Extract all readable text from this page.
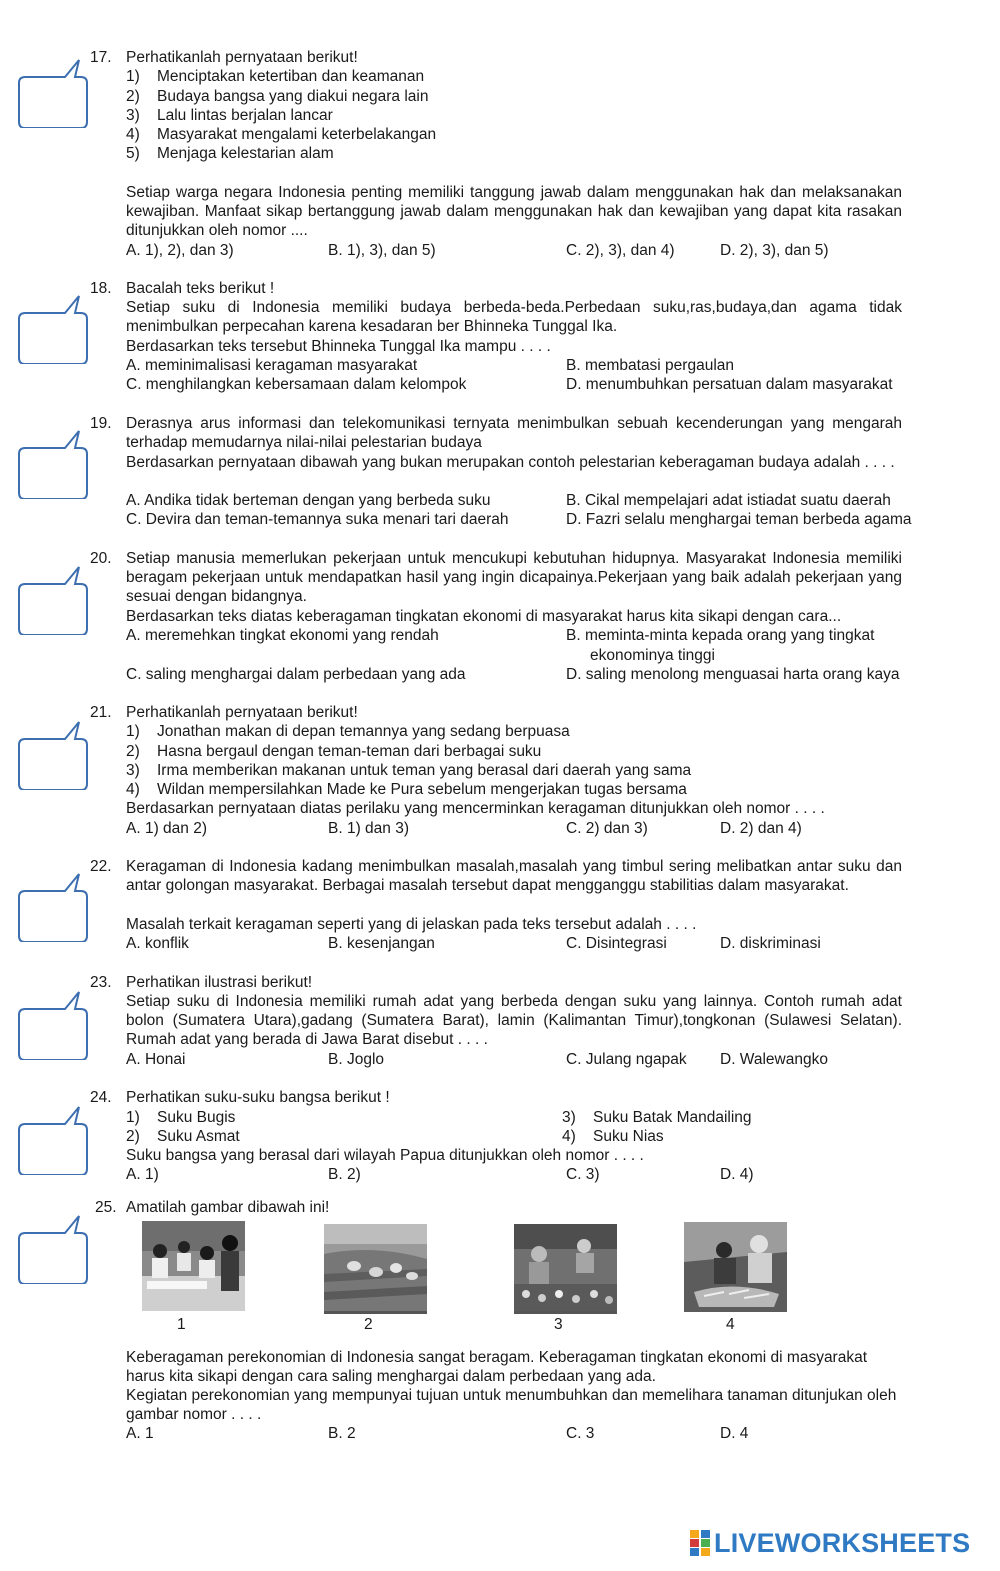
17. Perhatikanlah pernyataan berikut!
1) Menciptakan ketertiban dan keamanan
2) Budaya bangsa yang diakui negara lain
3) Lalu lintas berjalan lancar
4) Masyarakat mengalami keterbelakangan
5) Menjaga kelestarian alam
Setiap warga negara Indonesia penting memiliki tanggung jawab dalam menggunakan hak dan melaksanakan kewajiban. Manfaat sikap bertanggung jawab dalam menggunakan hak dan kewajiban yang dapat kita rasakan ditunjukkan oleh nomor ....
A. 1), 2), dan 3)	B. 1), 3), dan 5)	C. 2), 3), dan 4)	D. 2), 3), dan 5)
18. Bacalah teks berikut !
Setiap suku di Indonesia memiliki budaya berbeda-beda.Perbedaan suku,ras,budaya,dan agama tidak menimbulkan perpecahan karena kesadaran ber Bhinneka Tunggal Ika.
Berdasarkan teks tersebut Bhinneka Tunggal Ika mampu . . . .
A. meminimalisasi keragaman masyarakat	B. membatasi pergaulan
C. menghilangkan kebersamaan dalam kelompok	D. menumbuhkan persatuan dalam masyarakat
19. Derasnya arus informasi dan telekomunikasi ternyata menimbulkan sebuah kecenderungan yang mengarah terhadap memudarnya nilai-nilai pelestarian budaya
Berdasarkan pernyataan dibawah yang bukan merupakan contoh pelestarian keberagaman budaya adalah . . . .
A. Andika tidak berteman dengan yang berbeda suku	B. Cikal mempelajari adat istiadat suatu daerah
C. Devira dan teman-temannya suka menari tari daerah	D. Fazri selalu menghargai teman berbeda agama
20. Setiap manusia memerlukan pekerjaan untuk mencukupi kebutuhan hidupnya. Masyarakat Indonesia memiliki beragam pekerjaan untuk mendapatkan hasil yang ingin dicapainya.Pekerjaan yang baik adalah pekerjaan yang sesuai dengan bidangnya.
Berdasarkan teks diatas keberagaman tingkatan ekonomi di masyarakat harus kita sikapi dengan cara...
A. meremehkan tingkat ekonomi yang rendah	B. meminta-minta kepada orang yang tingkat
ekonominya tinggi
C. saling menghargai dalam perbedaan yang ada	D. saling menolong menguasai harta orang kaya
21. Perhatikanlah pernyataan berikut!
1) Jonathan makan di depan temannya yang sedang berpuasa
2) Hasna bergaul dengan teman-teman dari berbagai suku
3) Irma memberikan makanan untuk teman yang berasal dari daerah yang sama
4) Wildan mempersilahkan Made ke Pura sebelum mengerjakan tugas bersama
Berdasarkan pernyataan diatas perilaku yang mencerminkan keragaman ditunjukkan oleh nomor . . . .
A. 1) dan 2)	B. 1) dan 3)	C. 2) dan 3)	D. 2) dan 4)
22. Keragaman di Indonesia kadang menimbulkan masalah,masalah yang timbul sering melibatkan antar suku dan antar golongan masyarakat. Berbagai masalah tersebut dapat mengganggu stabilitias dalam masyarakat.
Masalah terkait keragaman seperti yang di jelaskan pada teks tersebut adalah . . . .
A. konflik	B. kesenjangan	C. Disintegrasi	D. diskriminasi
23. Perhatikan ilustrasi berikut!
Setiap suku di Indonesia memiliki rumah adat yang berbeda dengan suku yang lainnya. Contoh rumah adat bolon (Sumatera Utara),gadang (Sumatera Barat), lamin (Kalimantan Timur),tongkonan (Sulawesi Selatan). Rumah adat yang berada di Jawa Barat disebut . . . .
A. Honai	B. Joglo	C. Julang ngapak D. Walewangko
24. Perhatikan suku-suku bangsa berikut !
1) Suku Bugis	3) Suku Batak Mandailing
2) Suku Asmat	4) Suku Nias
Suku bangsa yang berasal dari wilayah Papua ditunjukkan oleh nomor . . . .
A. 1)	B. 2)	C. 3)	D. 4)
25. Amatilah gambar dibawah ini!
1	2	3	4
Keberagaman perekonomian di Indonesia sangat beragam. Keberagaman tingkatan ekonomi di masyarakat harus kita sikapi dengan cara saling menghargai dalam perbedaan yang ada.
Kegiatan perekonomian yang mempunyai tujuan untuk menumbuhkan dan memelihara tanaman ditunjukan oleh gambar nomor . . . .
A. 1	B. 2	C. 3	D. 4
LIVEWORKSHEETS
